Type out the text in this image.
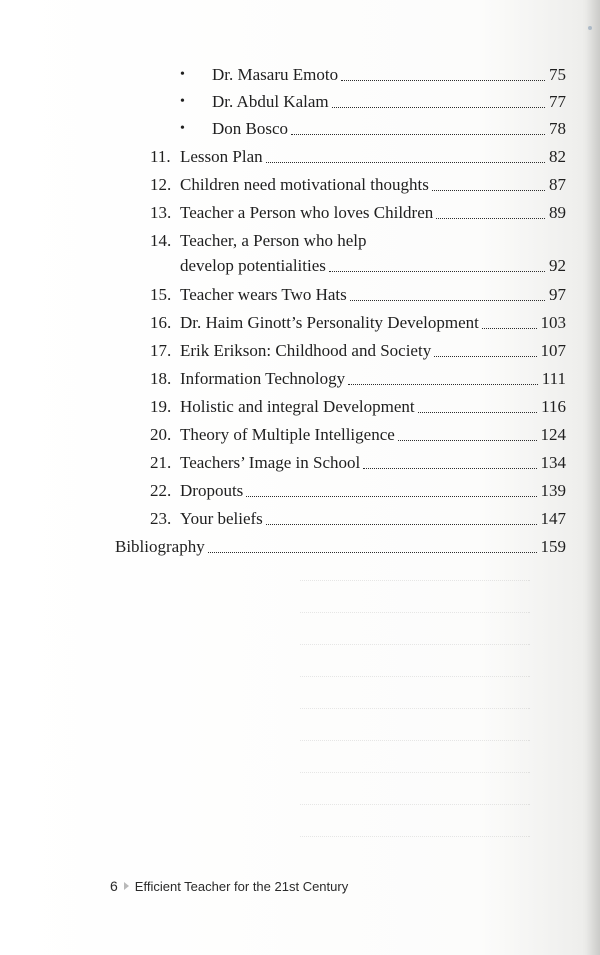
•	Dr. Masaru Emoto	75
•	Dr. Abdul Kalam	77
•	Don Bosco	78
11. Lesson Plan	82
12. Children need motivational thoughts	87
13. Teacher a Person who loves Children	89
14. Teacher, a Person who help
develop potentialities	92
15. Teacher wears Two Hats	97
16. Dr. Haim Ginott’s Personality Development	103
17. Erik Erikson: Childhood and Society	107
18. Information Technology	111
19. Holistic and integral Development	116
20. Theory of Multiple Intelligence	124
21. Teachers’ Image in School	134
22. Dropouts	139
23. Your beliefs	147
Bibliography	159
6 Efficient Teacher for the 21st Century
